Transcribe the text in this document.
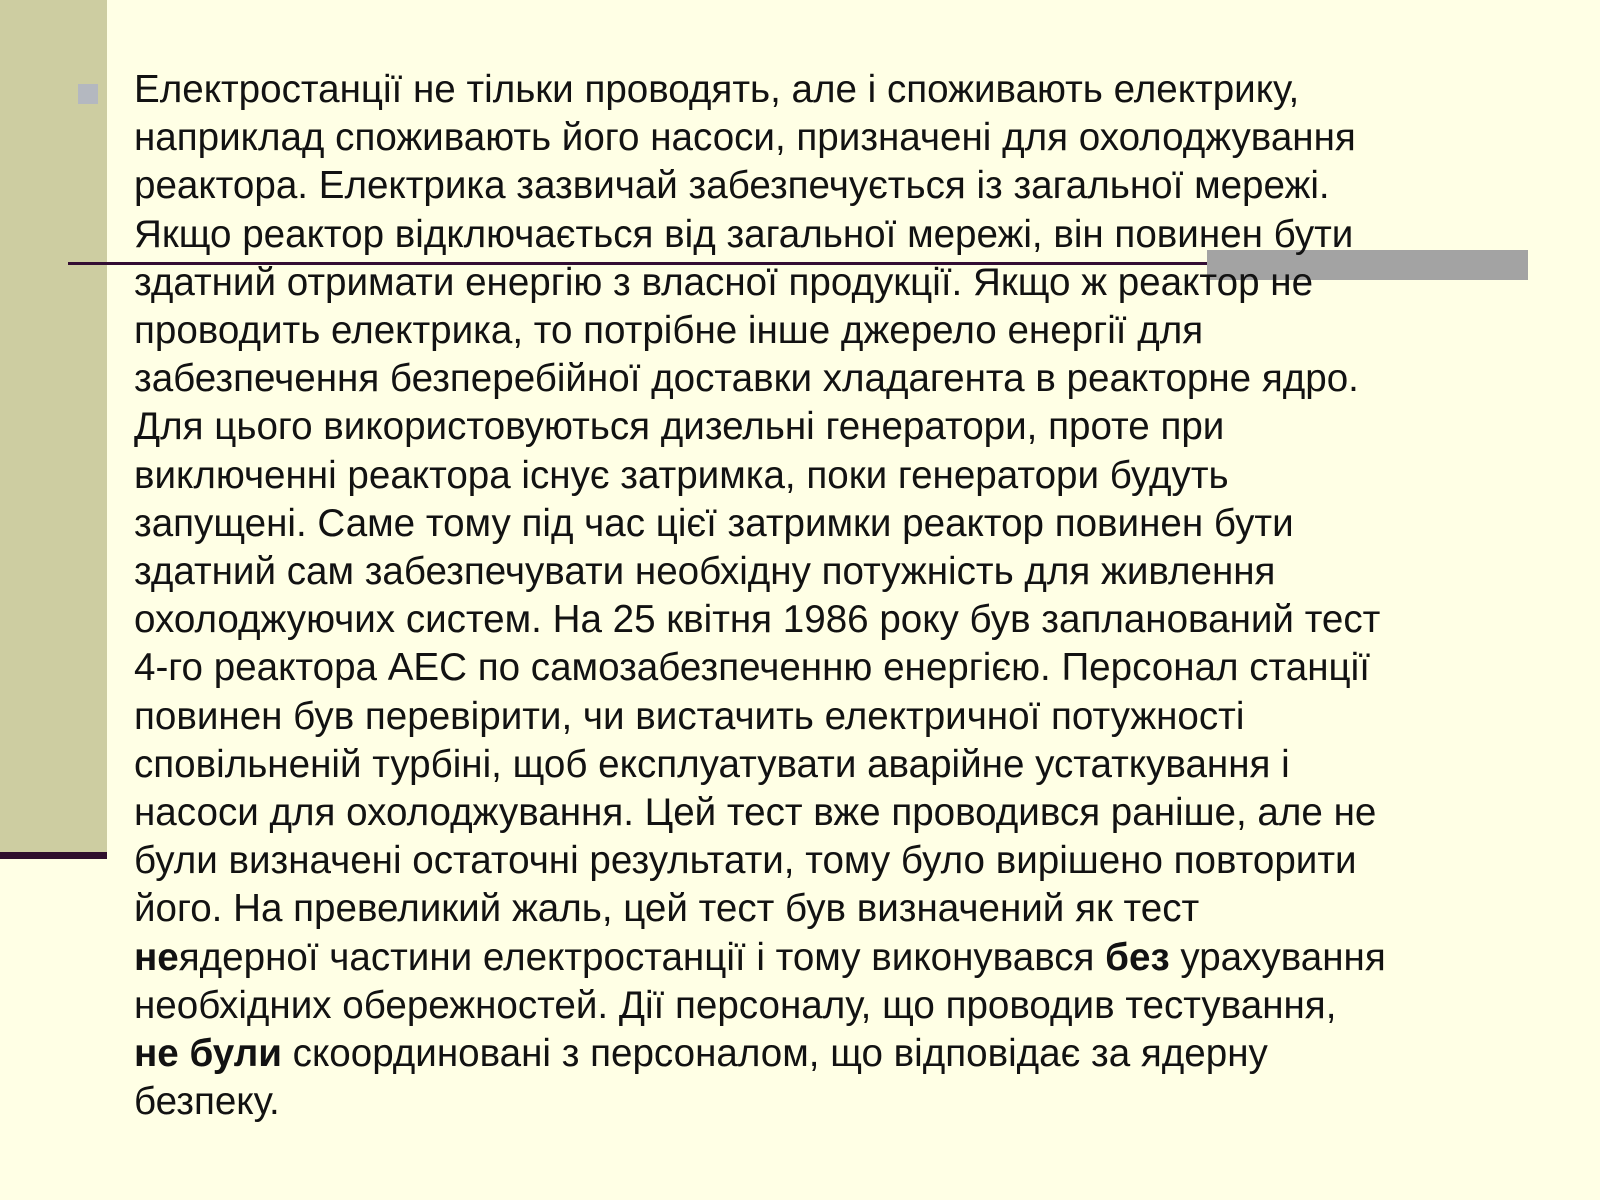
Електростанції не тільки проводять, але і споживають електрику,
наприклад споживають його насоси, призначені для охолоджування
реактора. Електрика зазвичай забезпечується із загальної мережі.
Якщо реактор відключається від загальної мережі, він повинен бути
здатний отримати енергію з власної продукції. Якщо ж реактор не
проводить електрика, то потрібне інше джерело енергії для
забезпечення безперебійної доставки хладагента в реакторне ядро.
Для цього використовуються дизельні генератори, проте при
виключенні реактора існує затримка, поки генератори будуть
запущені. Саме тому під час цієї затримки реактор повинен бути
здатний сам забезпечувати необхідну потужність для живлення
охолоджуючих систем. На 25 квітня 1986 року був запланований тест
4-го реактора АЕС по самозабезпеченню енергією. Персонал станції
повинен був перевірити, чи вистачить електричної потужності
сповільненій турбіні, щоб експлуатувати аварійне устаткування і
насоси для охолоджування. Цей тест вже проводився раніше, але не
були визначені остаточні результати, тому було вирішено повторити
його. На превеликий жаль, цей тест був визначений як тест
неядерної частини електростанції і тому виконувався без урахування
необхідних обережностей. Дії персоналу, що проводив тестування,
не були скоординовані з персоналом, що відповідає за ядерну
безпеку.
